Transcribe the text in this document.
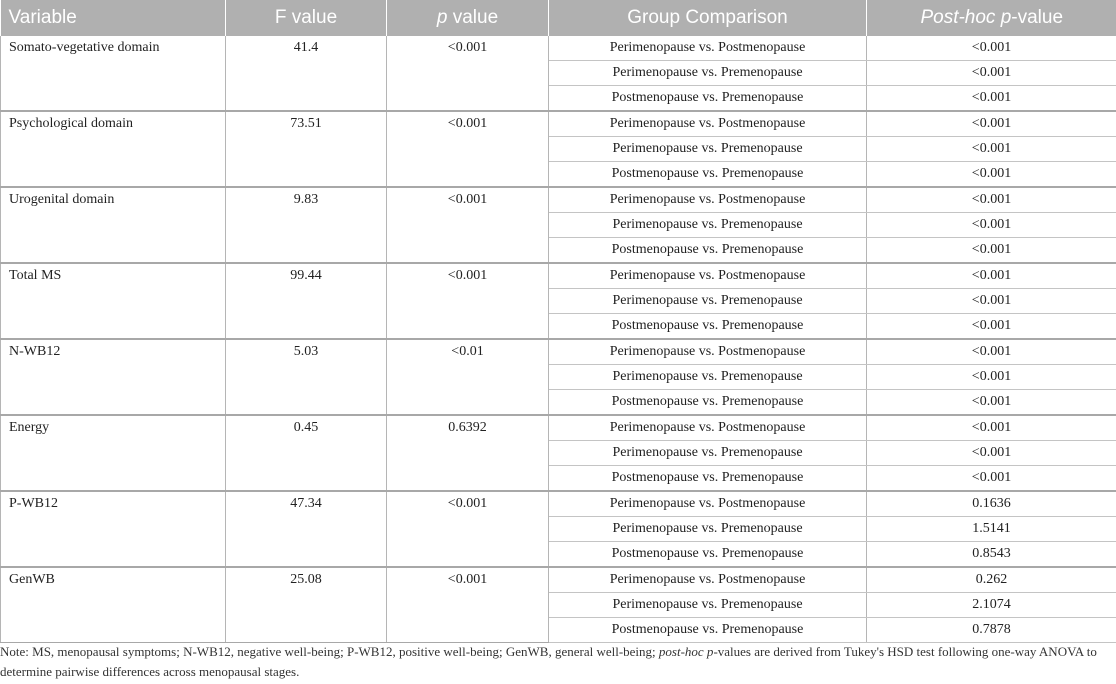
Variable	F value	p value	Group Comparison	Post-hoc p-value
Somato-vegetative domain	41.4	<0.001	Perimenopause vs. Postmenopause	<0.001
			Perimenopause vs. Premenopause	<0.001
			Postmenopause vs. Premenopause	<0.001
Psychological domain	73.51	<0.001	Perimenopause vs. Postmenopause	<0.001
			Perimenopause vs. Premenopause	<0.001
			Postmenopause vs. Premenopause	<0.001
Urogenital domain	9.83	<0.001	Perimenopause vs. Postmenopause	<0.001
			Perimenopause vs. Premenopause	<0.001
			Postmenopause vs. Premenopause	<0.001
Total MS	99.44	<0.001	Perimenopause vs. Postmenopause	<0.001
			Perimenopause vs. Premenopause	<0.001
			Postmenopause vs. Premenopause	<0.001
N-WB12	5.03	<0.01	Perimenopause vs. Postmenopause	<0.001
			Perimenopause vs. Premenopause	<0.001
			Postmenopause vs. Premenopause	<0.001
Energy	0.45	0.6392	Perimenopause vs. Postmenopause	<0.001
			Perimenopause vs. Premenopause	<0.001
			Postmenopause vs. Premenopause	<0.001
P-WB12	47.34	<0.001	Perimenopause vs. Postmenopause	0.1636
			Perimenopause vs. Premenopause	1.5141
			Postmenopause vs. Premenopause	0.8543
GenWB	25.08	<0.001	Perimenopause vs. Postmenopause	0.262
			Perimenopause vs. Premenopause	2.1074
			Postmenopause vs. Premenopause	0.7878
Note: MS, menopausal symptoms; N-WB12, negative well-being; P-WB12, positive well-being; GenWB, general well-being; post-hoc p-values are derived from Tukey's HSD test following one-way ANOVA to determine pairwise differences across menopausal stages.
